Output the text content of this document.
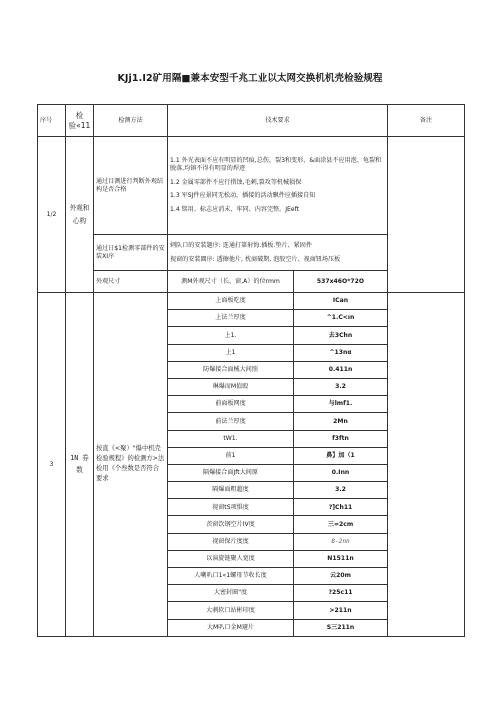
KJj1.I2矿用隔■兼本安型千兆工业以太网交换机机壳检验规程
序号	检验«11	检测方法	技术要求		备注
1/2	外观和心构	通过目测进行判断外观结构是否合格	1.1 外光表面不应有明显的凹痕,总伤、裂3和变形、&面涂县不应用泡、龟裂和脱落,均镇不得有明显的焊迹

1.2 金属零部件不应行措蚀,毛刺,裂攻等机械损保

1.3 军SJ件应景同无松动，插接的活动飘件应插接自知

1.4 铭用、标志应消末、牢同、内容完整。JEeft		

		通过日$1检测零部件的安装XI序	剌队口的安装题序: 连通打第射悔.插板.垫片、紧固件

视窗的安装圜序: 透擦他片, 枕商破期, 泡胶空片、视商钮场压板		

		外观尺寸	测M外观尺寸（长、窗,A）的位rmm	537x46O*72O	
3	1N 券数	按直《<聚）"爆中机壳检验规程》的检测方>法检用《个叁数是否符合要求	上面板吃度	ICan	
			上法兰厚度	^1.C<ın	
			上1.	去3Chn	
			上1	^13nα	
			防爆接合面械大间照	0.411n	
			琳爆而M值殴	3.2	
			前面板网度	与lmf1.	
			前法兰厚度	2Mn	
			tW1.	f3ftn	
			前1	鼻】加（1	
			隔爆接合面Jft大间原	0.Inn	
			隔爆面粗超度	3.2	
			视窗tS项惧度	?]Ch11	
			茨窗饮钢空片IV度	三=2cm	
			视窗保片度度	8-2nn	
			以演旋链聚人宽度	N1511n	
			人喇叭口1«1螺母节收长度	云20m	
			大密封圈"度	?25c11	
			大刺软口站彬印度	>211n	
			大M叭口金M避片	S三211n	
